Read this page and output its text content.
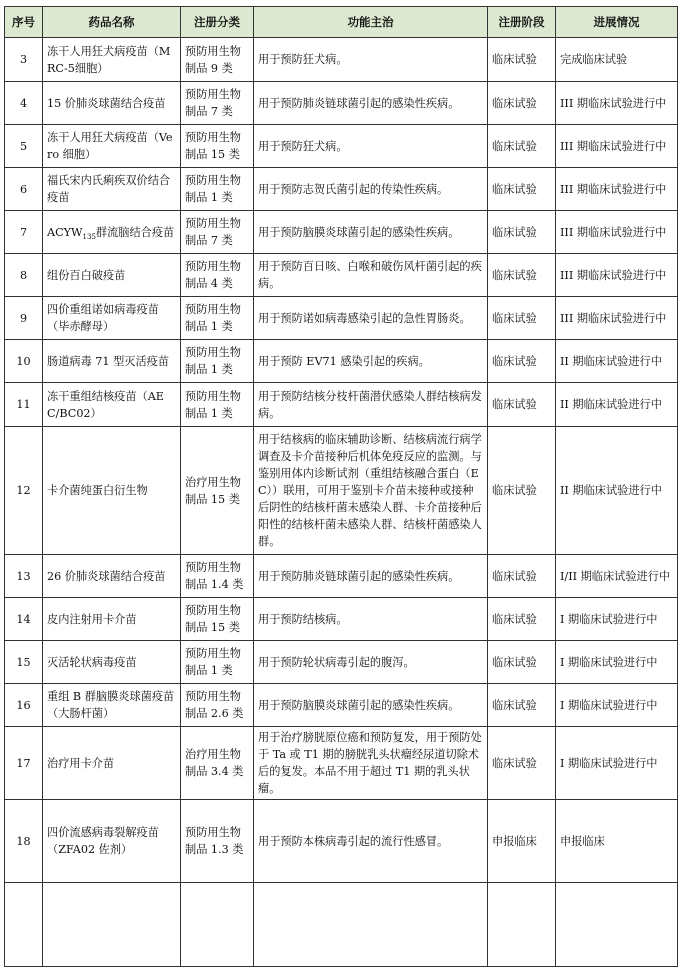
序号	药品名称	注册分类	功能主治	注册阶段	进展情况
3	冻干人用狂犬病疫苗（MRC-5细胞）	预防用生物制品 9 类	用于预防狂犬病。	临床试验	完成临床试验
4	15 价肺炎球菌结合疫苗	预防用生物制品 7 类	用于预防肺炎链球菌引起的感染性疾病。	临床试验	III 期临床试验进行中
5	冻干人用狂犬病疫苗（Vero 细胞）	预防用生物制品 15 类	用于预防狂犬病。	临床试验	III 期临床试验进行中
6	福氏宋内氏痢疾双价结合疫苗	预防用生物制品 1 类	用于预防志贺氏菌引起的传染性疾病。	临床试验	III 期临床试验进行中
7	$ACYW_{135}$群流脑结合疫苗	预防用生物制品 7 类	用于预防脑膜炎球菌引起的感染性疾病。	临床试验	III 期临床试验进行中
8	组份百白破疫苗	预防用生物制品 4 类	用于预防百日咳、白喉和破伤风杆菌引起的疾病。	临床试验	III 期临床试验进行中
9	四价重组诺如病毒疫苗（毕赤酵母）	预防用生物制品 1 类	用于预防诺如病毒感染引起的急性胃肠炎。	临床试验	III 期临床试验进行中
10	肠道病毒 71 型灭活疫苗	预防用生物制品 1 类	用于预防 EV71 感染引起的疾病。	临床试验	II 期临床试验进行中
11	冻干重组结核疫苗（AEC/BC02）	预防用生物制品 1 类	用于预防结核分枝杆菌潜伏感染人群结核病发病。	临床试验	II 期临床试验进行中
12	卡介菌纯蛋白衍生物	治疗用生物制品 15 类	用于结核病的临床辅助诊断、结核病流行病学调查及卡介苗接种后机体免疫反应的监测。与鉴别用体内诊断试剂（重组结核融合蛋白（EC））联用，可用于鉴别卡介苗未接种或接种后阴性的结核杆菌未感染人群、卡介苗接种后阳性的结核杆菌未感染人群、结核杆菌感染人群。	临床试验	II 期临床试验进行中
13	26 价肺炎球菌结合疫苗	预防用生物制品 1.4 类	用于预防肺炎链球菌引起的感染性疾病。	临床试验	I/II 期临床试验进行中
14	皮内注射用卡介苗	预防用生物制品 15 类	用于预防结核病。	临床试验	I 期临床试验进行中
15	灭活轮状病毒疫苗	预防用生物制品 1 类	用于预防轮状病毒引起的腹泻。	临床试验	I 期临床试验进行中
16	重组 B 群脑膜炎球菌疫苗（大肠杆菌）	预防用生物制品 2.6 类	用于预防脑膜炎球菌引起的感染性疾病。	临床试验	I 期临床试验进行中
17	治疗用卡介苗	治疗用生物制品 3.4 类	用于治疗膀胱原位癌和预防复发，用于预防处于 Ta 或 T1 期的膀胱乳头状瘤经尿道切除术后的复发。本品不用于超过 T1 期的乳头状瘤。	临床试验	I 期临床试验进行中
18	四价流感病毒裂解疫苗（ZFA02 佐剂）	预防用生物制品 1.3 类	用于预防本株病毒引起的流行性感冒。	申报临床	申报临床
